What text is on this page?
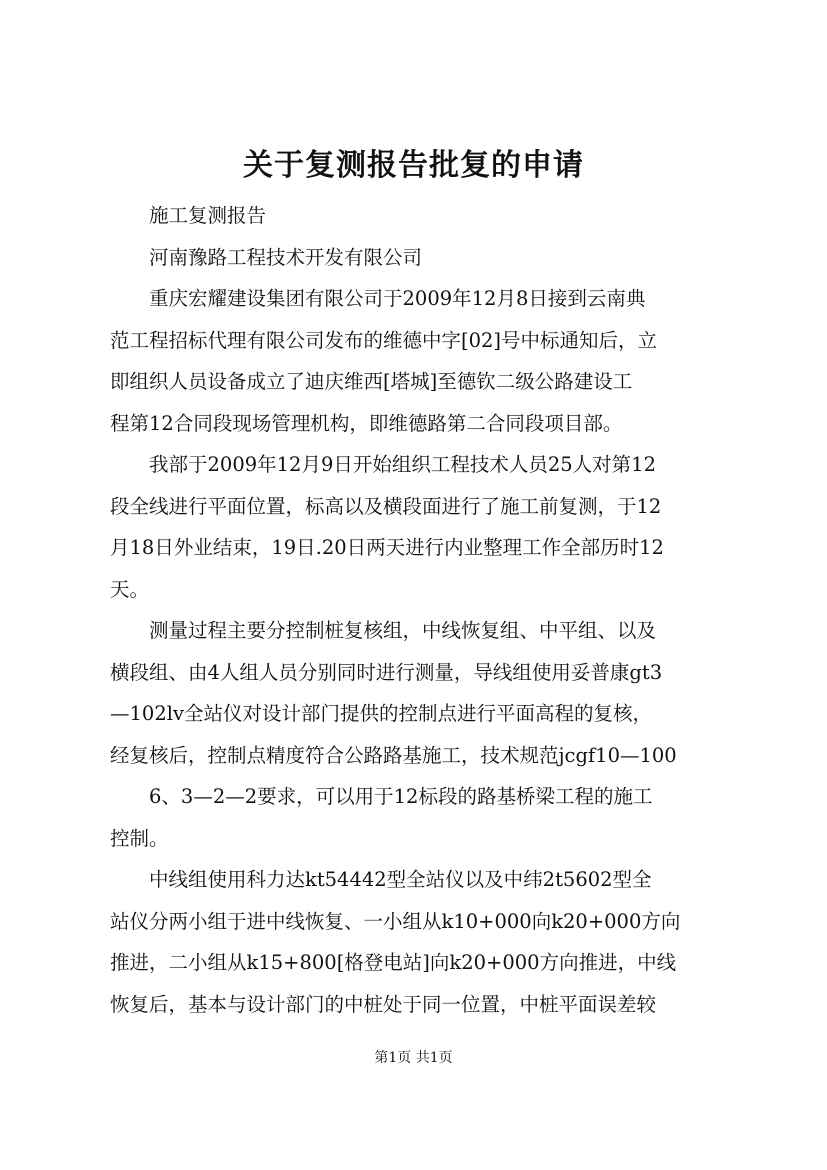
关于复测报告批复的申请
施工复测报告
河南豫路工程技术开发有限公司
重庆宏耀建设集团有限公司于2009年12月8日接到云南典
范工程招标代理有限公司发布的维德中字[02]号中标通知后，立
即组织人员设备成立了迪庆维西[塔城]至德钦二级公路建设工
程第12合同段现场管理机构，即维德路第二合同段项目部。
我部于2009年12月9日开始组织工程技术人员25人对第12
段全线进行平面位置，标高以及横段面进行了施工前复测，于12
月18日外业结束，19日.20日两天进行内业整理工作全部历时12
天。
测量过程主要分控制桩复核组，中线恢复组、中平组、以及
横段组、由4人组人员分别同时进行测量，导线组使用妥普康gt3
—102lv全站仪对设计部门提供的控制点进行平面高程的复核，
经复核后，控制点精度符合公路路基施工，技术规范jcgf10—100
6、3—2—2要求，可以用于12标段的路基桥梁工程的施工
控制。
中线组使用科力达kt54442型全站仪以及中纬2t5602型全
站仪分两小组于进中线恢复、一小组从k10+000向k20+000方向
推进，二小组从k15+800[格登电站]向k20+000方向推进，中线
恢复后，基本与设计部门的中桩处于同一位置，中桩平面误差较
第1页 共1页
